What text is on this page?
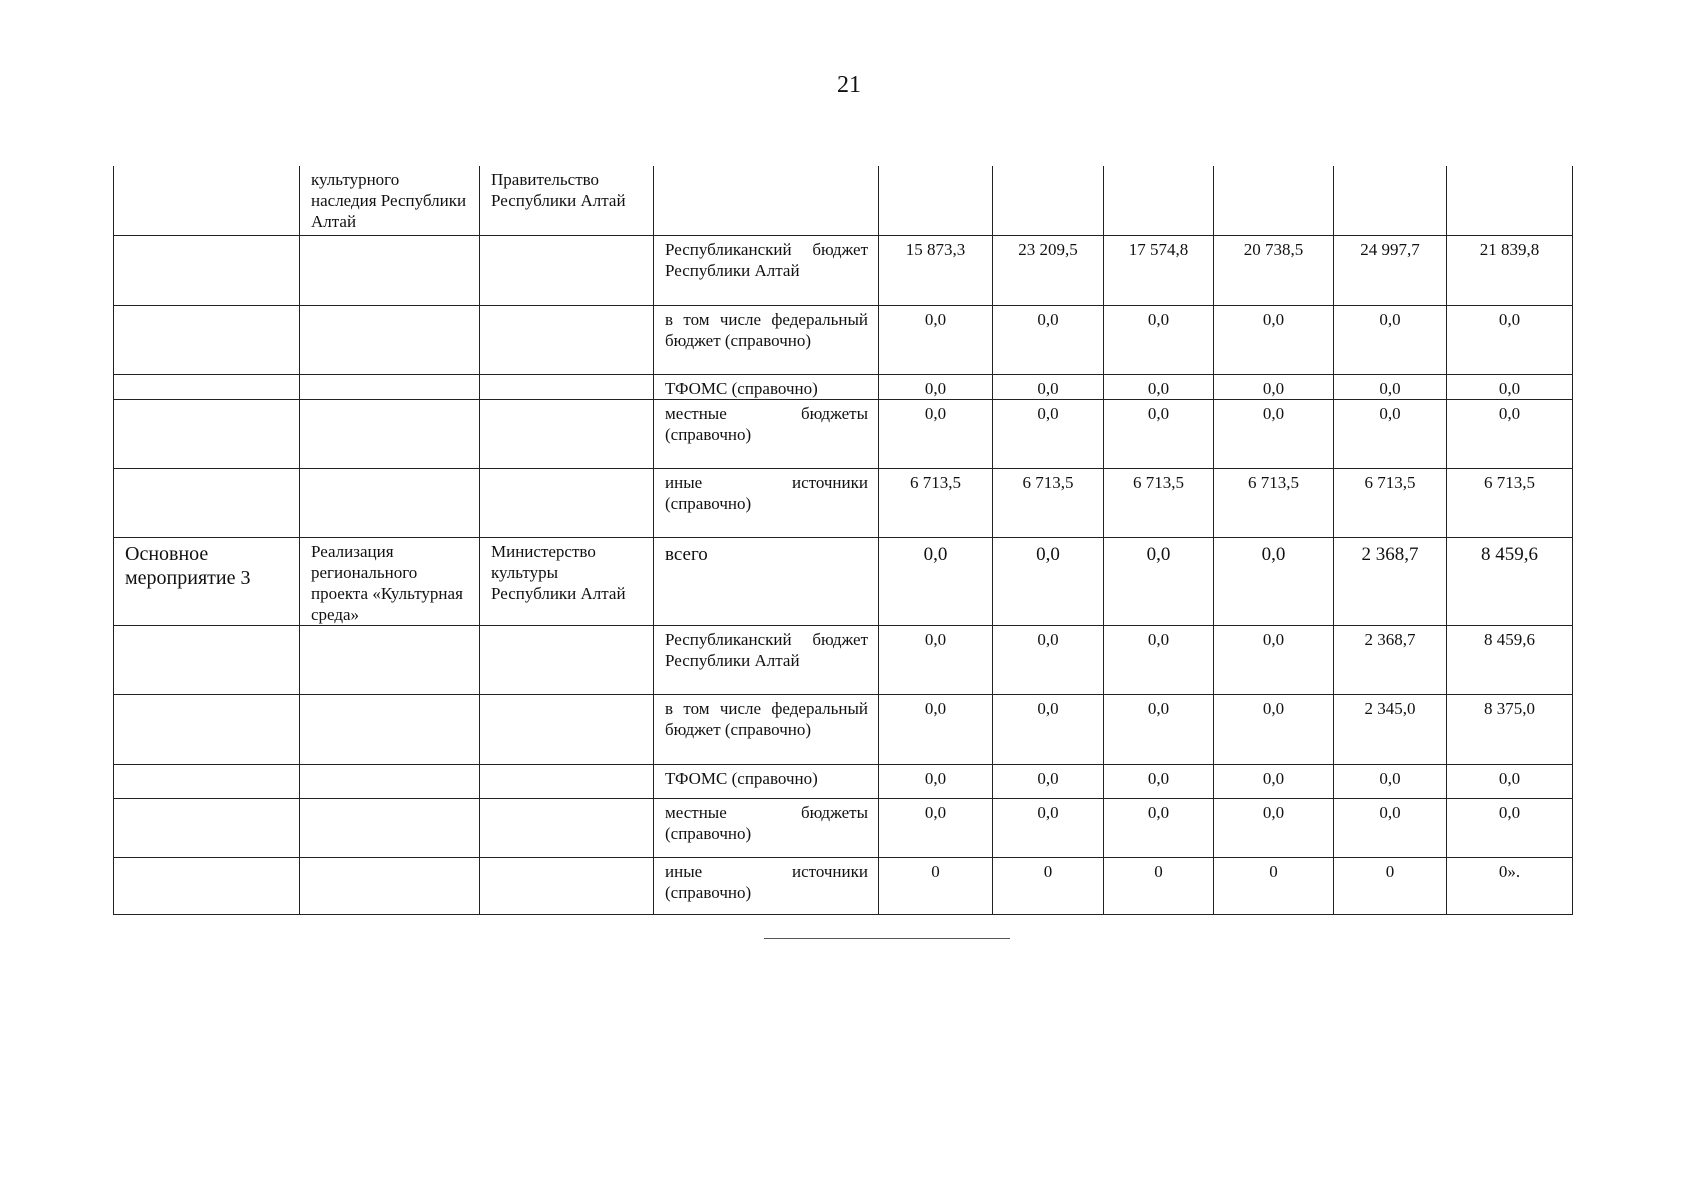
21
	культурного наследия Республики Алтай	Правительство Республики Алтай							
			Республиканский бюджет Республики Алтай	15 873,3	23 209,5	17 574,8	20 738,5	24 997,7	21 839,8
			в том числе федеральный бюджет (справочно)	0,0	0,0	0,0	0,0	0,0	0,0
			ТФОМС (справочно)	0,0	0,0	0,0	0,0	0,0	0,0
			местные бюджеты (справочно)	0,0	0,0	0,0	0,0	0,0	0,0
			иные источники (справочно)	6 713,5	6 713,5	6 713,5	6 713,5	6 713,5	6 713,5
Основное мероприятие 3	Реализация регионального проекта «Культурная среда»	Министерство культуры Республики Алтай	всего	0,0	0,0	0,0	0,0	2 368,7	8 459,6
			Республиканский бюджет Республики Алтай	0,0	0,0	0,0	0,0	2 368,7	8 459,6
			в том числе федеральный бюджет (справочно)	0,0	0,0	0,0	0,0	2 345,0	8 375,0
			ТФОМС (справочно)	0,0	0,0	0,0	0,0	0,0	0,0
			местные бюджеты (справочно)	0,0	0,0	0,0	0,0	0,0	0,0
			иные источники (справочно)	0	0	0	0	0	0».
